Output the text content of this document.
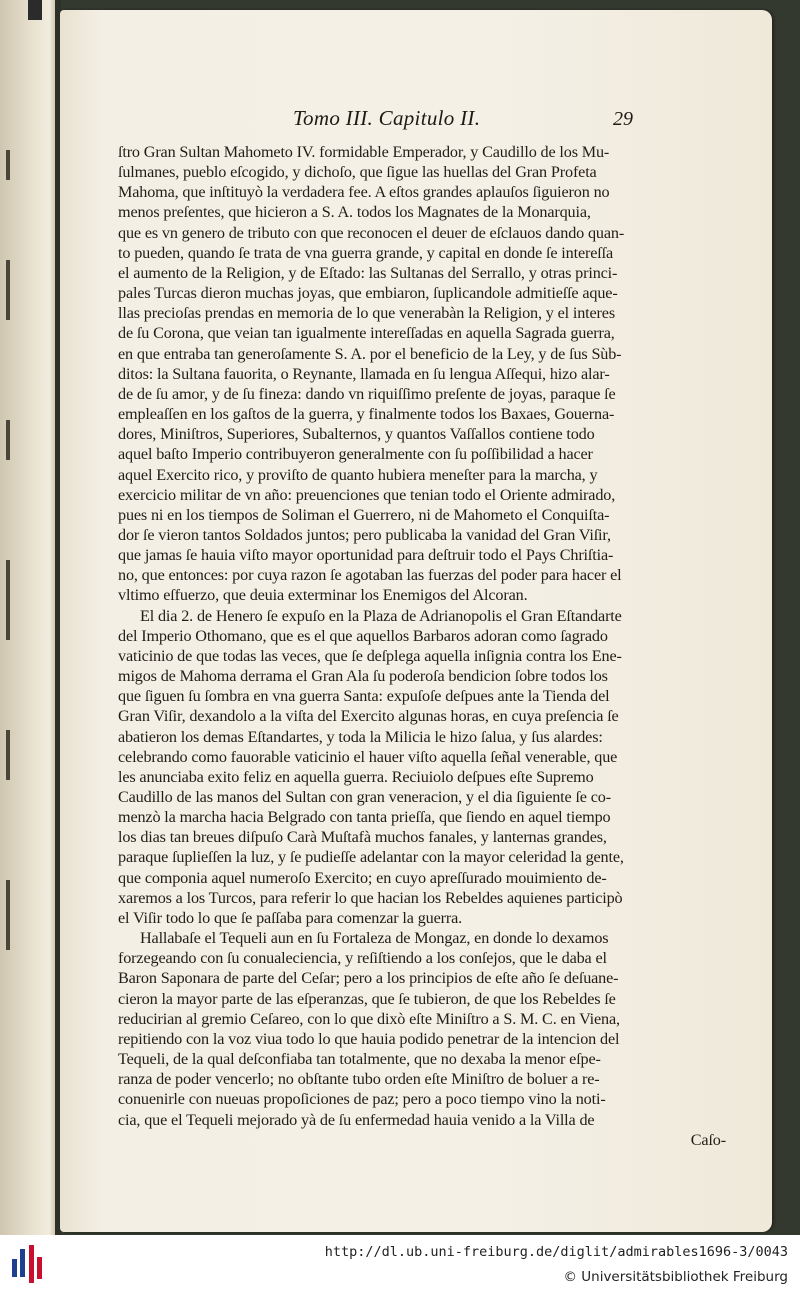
Tomo III. Capitulo II.	29
ſtro Gran Sultan Mahometo IV. formidable Emperador, y Caudillo de los Mu-
ſulmanes, pueblo eſcogido, y dichoſo, que ſigue las huellas del Gran Profeta
Mahoma, que inſtituyò la verdadera fee. A eſtos grandes aplauſos ſiguieron no
menos preſentes, que hicieron a S. A. todos los Magnates de la Monarquia,
que es vn genero de tributo con que reconocen el deuer de eſclauos dando quan-
to pueden, quando ſe trata de vna guerra grande, y capital en donde ſe intereſſa
el aumento de la Religion, y de Eſtado: las Sultanas del Serrallo, y otras princi-
pales Turcas dieron muchas joyas, que embiaron, ſuplicandole admitieſſe aque-
llas precioſas prendas en memoria de lo que venerabàn la Religion, y el interes
de ſu Corona, que veian tan igualmente intereſſadas en aquella Sagrada guerra,
en que entraba tan generoſamente S. A. por el beneficio de la Ley, y de ſus Sùb-
ditos: la Sultana fauorita, o Reynante, llamada en ſu lengua Aſſequi, hizo alar-
de de ſu amor, y de ſu fineza: dando vn riquiſſimo preſente de joyas, paraque ſe
empleaſſen en los gaſtos de la guerra, y finalmente todos los Baxaes, Gouerna-
dores, Miniſtros, Superiores, Subalternos, y quantos Vaſſallos contiene todo
aquel baſto Imperio contribuyeron generalmente con ſu poſſibilidad a hacer
aquel Exercito rico, y proviſto de quanto hubiera meneſter para la marcha, y
exercicio militar de vn año: preuenciones que tenian todo el Oriente admirado,
pues ni en los tiempos de Soliman el Guerrero, ni de Mahometo el Conquiſta-
dor ſe vieron tantos Soldados juntos; pero publicaba la vanidad del Gran Viſir,
que jamas ſe hauia viſto mayor oportunidad para deſtruir todo el Pays Chriſtia-
no, que entonces: por cuya razon ſe agotaban las fuerzas del poder para hacer el
vltimo eſfuerzo, que deuia exterminar los Enemigos del Alcoran.
El dia 2. de Henero ſe expuſo en la Plaza de Adrianopolis el Gran Eſtandarte
del Imperio Othomano, que es el que aquellos Barbaros adoran como ſagrado
vaticinio de que todas las veces, que ſe deſplega aquella inſignia contra los Ene-
migos de Mahoma derrama el Gran Ala ſu poderoſa bendicion ſobre todos los
que ſiguen ſu ſombra en vna guerra Santa: expuſoſe deſpues ante la Tienda del
Gran Viſir, dexandolo a la viſta del Exercito algunas horas, en cuya preſencia ſe
abatieron los demas Eſtandartes, y toda la Milicia le hizo ſalua, y ſus alardes:
celebrando como fauorable vaticinio el hauer viſto aquella ſeñal venerable, que
les anunciaba exito feliz en aquella guerra. Reciuiolo deſpues eſte Supremo
Caudillo de las manos del Sultan con gran veneracion, y el dia ſiguiente ſe co-
menzò la marcha hacia Belgrado con tanta prieſſa, que ſiendo en aquel tiempo
los dias tan breues diſpuſo Carà Muſtafà muchos fanales, y lanternas grandes,
paraque ſuplieſſen la luz, y ſe pudieſſe adelantar con la mayor celeridad la gente,
que componia aquel numeroſo Exercito; en cuyo apreſſurado mouimiento de-
xaremos a los Turcos, para referir lo que hacian los Rebeldes aquienes participò
el Viſir todo lo que ſe paſſaba para comenzar la guerra.
Hallabaſe el Tequeli aun en ſu Fortaleza de Mongaz, en donde lo dexamos
forzegeando con ſu conualeciencia, y reſiſtiendo a los conſejos, que le daba el
Baron Saponara de parte del Ceſar; pero a los principios de eſte año ſe deſuane-
cieron la mayor parte de las eſperanzas, que ſe tubieron, de que los Rebeldes ſe
reducirian al gremio Ceſareo, con lo que dixò eſte Miniſtro a S. M. C. en Viena,
repitiendo con la voz viua todo lo que hauia podido penetrar de la intencion del
Tequeli, de la qual deſconfiaba tan totalmente, que no dexaba la menor eſpe-
ranza de poder vencerlo; no obſtante tubo orden eſte Miniſtro de boluer a re-
conuenirle con nueuas propoſiciones de paz; pero a poco tiempo vino la noti-
cia, que el Tequeli mejorado yà de ſu enfermedad hauia venido a la Villa de
Caſo-
http://dl.ub.uni-freiburg.de/diglit/admirables1696-3/0043
© Universitätsbibliothek Freiburg
